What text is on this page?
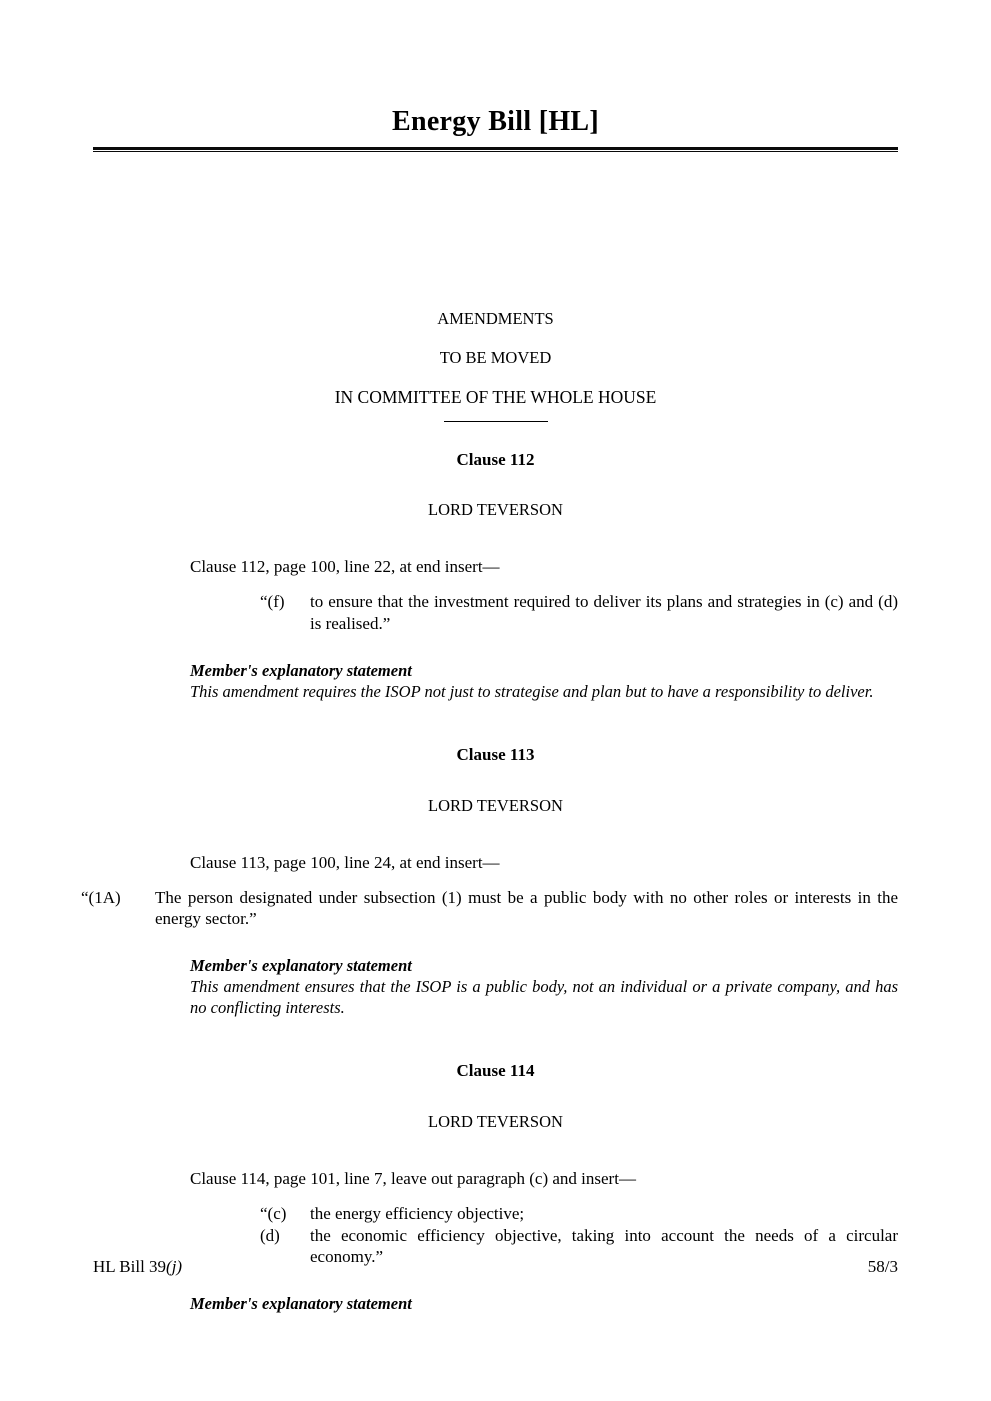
Energy Bill [HL]

AMENDMENTS

TO BE MOVED

IN COMMITTEE OF THE WHOLE HOUSE

Clause 112

LORD TEVERSON

Clause 112, page 100, line 22, at end insert—

“(f)	to ensure that the investment required to deliver its plans and strategies in (c) and (d) is realised.”

Member's explanatory statement

This amendment requires the ISOP not just to strategise and plan but to have a responsibility to deliver.

Clause 113

LORD TEVERSON

Clause 113, page 100, line 24, at end insert—

“(1A)	The person designated under subsection (1) must be a public body with no other roles or interests in the energy sector.”

Member's explanatory statement

This amendment ensures that the ISOP is a public body, not an individual or a private company, and has no conflicting interests.

Clause 114

LORD TEVERSON

Clause 114, page 101, line 7, leave out paragraph (c) and insert—

“(c)	the energy efficiency objective;
(d)	the economic efficiency objective, taking into account the needs of a circular economy.”

Member's explanatory statement

HL Bill 39(j)	58/3
